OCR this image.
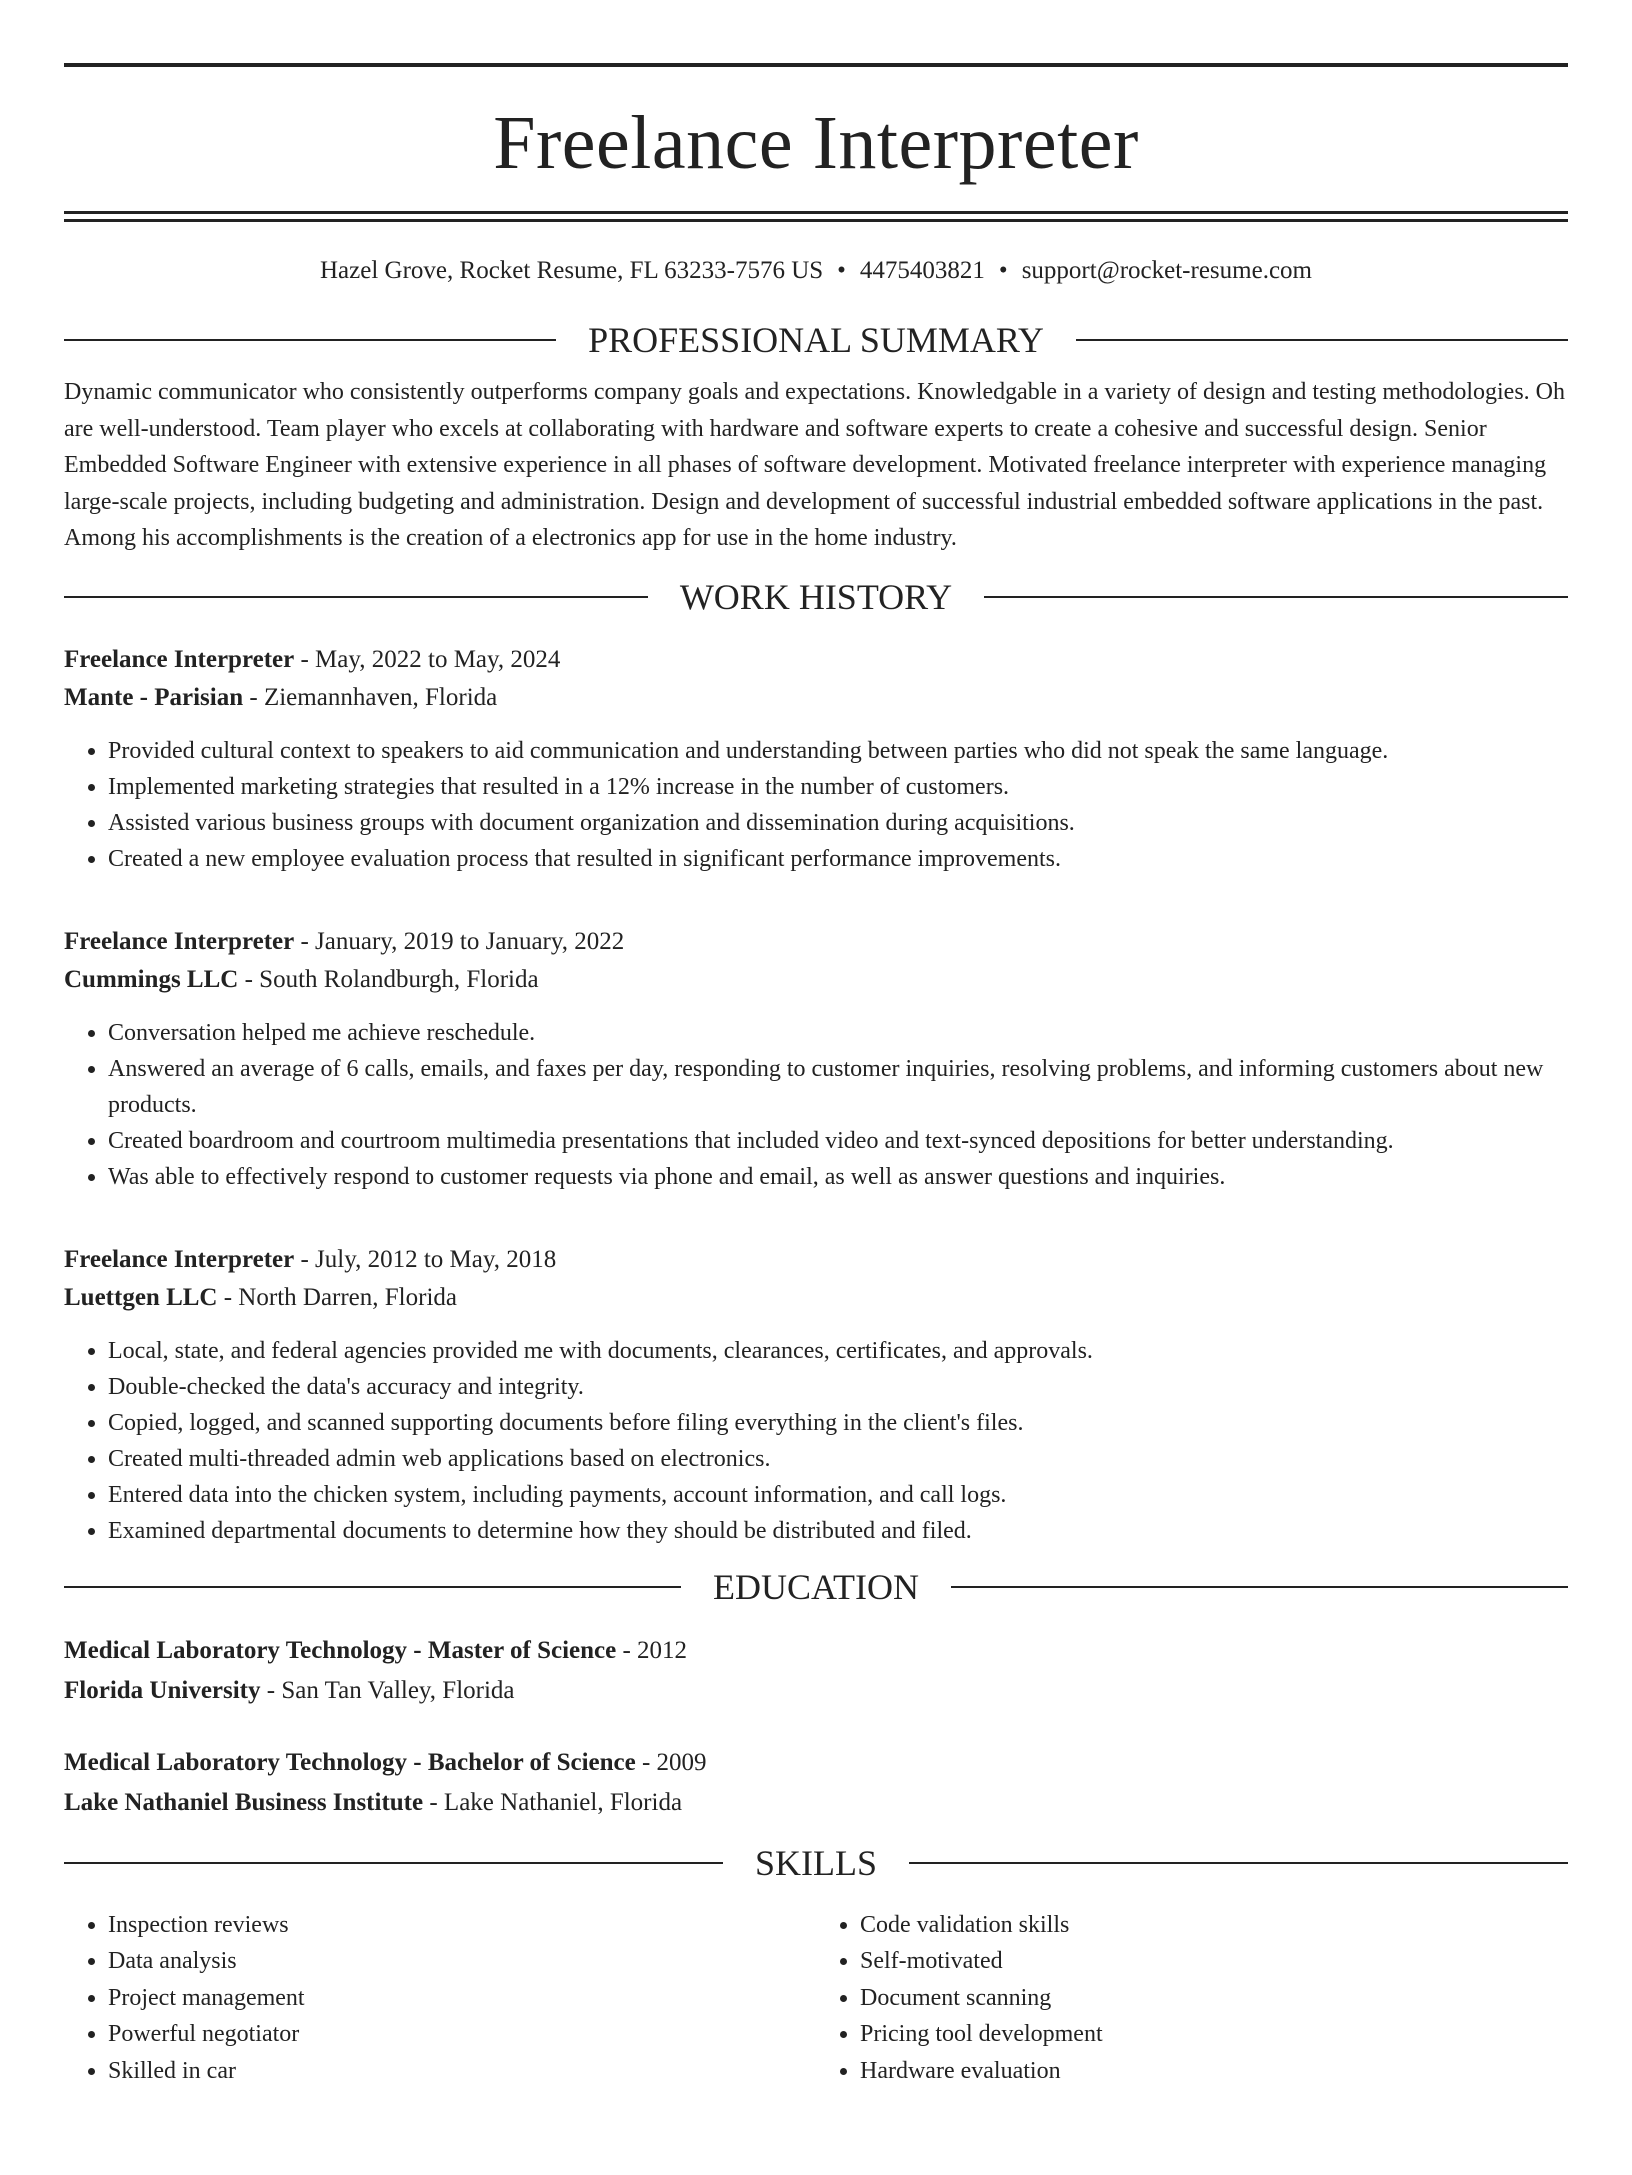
Freelance Interpreter
Hazel Grove, Rocket Resume, FL 63233-7576 US • 4475403821 • support@rocket-resume.com
PROFESSIONAL SUMMARY

Dynamic communicator who consistently outperforms company goals and expectations. Knowledgable in a variety of design and testing methodologies. Oh are well-understood. Team player who excels at collaborating with hardware and software experts to create a cohesive and successful design. Senior Embedded Software Engineer with extensive experience in all phases of software development. Motivated freelance interpreter with experience managing large-scale projects, including budgeting and administration. Design and development of successful industrial embedded software applications in the past. Among his accomplishments is the creation of a electronics app for use in the home industry.

WORK HISTORY
Freelance Interpreter - May, 2022 to May, 2024
Mante - Parisian - Ziemannhaven, Florida
• Provided cultural context to speakers to aid communication and understanding between parties who did not speak the same language.
• Implemented marketing strategies that resulted in a 12% increase in the number of customers.
• Assisted various business groups with document organization and dissemination during acquisitions.
• Created a new employee evaluation process that resulted in significant performance improvements.
Freelance Interpreter - January, 2019 to January, 2022
Cummings LLC - South Rolandburgh, Florida
• Conversation helped me achieve reschedule.
• Answered an average of 6 calls, emails, and faxes per day, responding to customer inquiries, resolving problems, and informing customers about new products.
• Created boardroom and courtroom multimedia presentations that included video and text-synced depositions for better understanding.
• Was able to effectively respond to customer requests via phone and email, as well as answer questions and inquiries.
Freelance Interpreter - July, 2012 to May, 2018
Luettgen LLC - North Darren, Florida
• Local, state, and federal agencies provided me with documents, clearances, certificates, and approvals.
• Double-checked the data's accuracy and integrity.
• Copied, logged, and scanned supporting documents before filing everything in the client's files.
• Created multi-threaded admin web applications based on electronics.
• Entered data into the chicken system, including payments, account information, and call logs.
• Examined departmental documents to determine how they should be distributed and filed.
EDUCATION
Medical Laboratory Technology - Master of Science - 2012
Florida University - San Tan Valley, Florida
Medical Laboratory Technology - Bachelor of Science - 2009
Lake Nathaniel Business Institute - Lake Nathaniel, Florida
SKILLS
• Inspection reviews
• Data analysis
• Project management
• Powerful negotiator
• Skilled in car
• Code validation skills
• Self-motivated
• Document scanning
• Pricing tool development
• Hardware evaluation
